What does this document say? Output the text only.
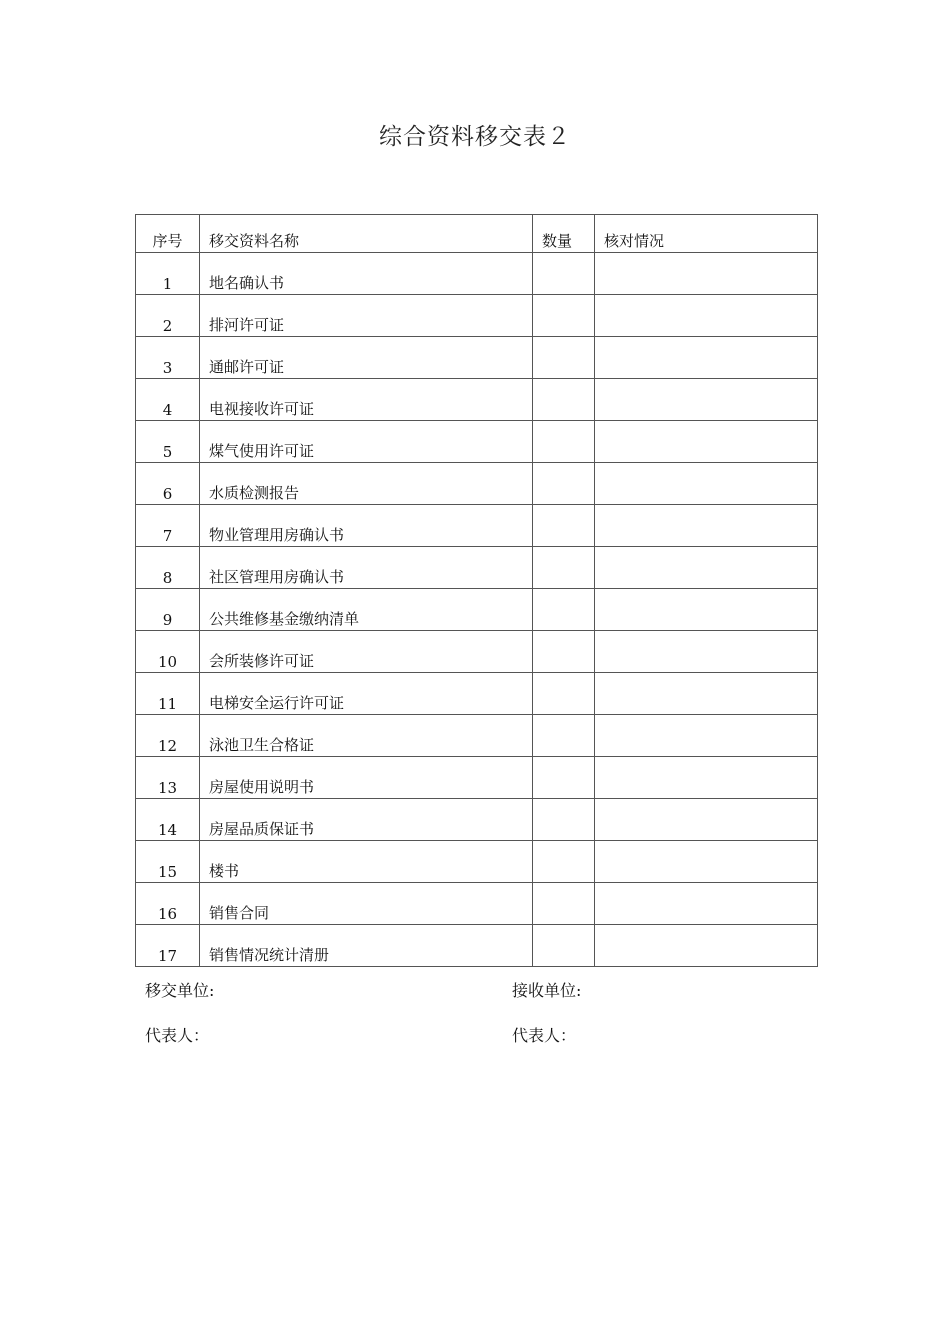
综合资料移交表２
序号	移交资料名称	数量	核对情况
1	地名确认书		
2	排河许可证		
3	通邮许可证		
4	电视接收许可证		
5	煤气使用许可证		
6	水质检测报告		
7	物业管理用房确认书		
8	社区管理用房确认书		
9	公共维修基金缴纳清单		
10	会所装修许可证		
11	电梯安全运行许可证		
12	泳池卫生合格证		
13	房屋使用说明书		
14	房屋品质保证书		
15	楼书		
16	销售合同		
17	销售情况统计清册		
移交单位:	接收单位:
代表人：	代表人：
